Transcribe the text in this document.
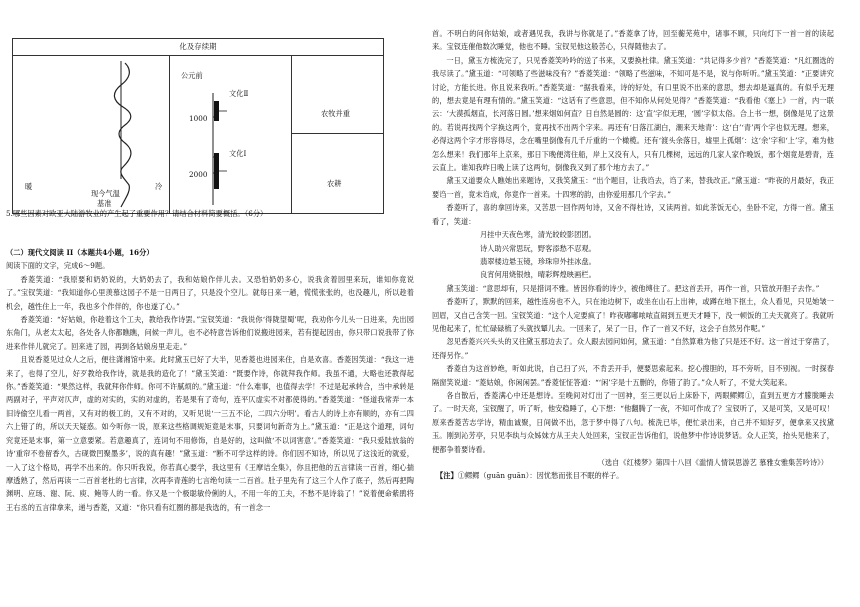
化及存续期
暖	冷
现今气温
基准
公元前
1000
2000
文化Ⅱ
文化Ⅰ
农牧并重
农耕

5.哪些因素对欧亚大陆游牧业的产生起了重要作用？请结合材料简要概括。（6分）

（二）现代文阅读 II（本题共4小题，16分）

阅读下面的文字，完成6～9题。

香菱笑道：“我原要和奶奶说的，大奶奶去了，我和姑娘作伴儿去。又恐怕奶奶多心，说我贪着园里来玩，谁知你竟说了。”宝钗笑道：“我知道你心里羡慕这园子不是一日两日了，只是没个空儿。就每日来一趟，慌慌张张的，也没趣儿，所以趁着机会，越性住上一年，我也多个作伴的，你也遂了心。”

香菱笑道：“好姑娘，你趁着这个工夫，教给我作诗罢。”宝钗笑道：“我说你‘得陇望蜀’呢，我劝你今儿头一日进来，先出园东角门，从老太太起，各处各人你都瞧瞧，问候一声儿，也不必特意告诉他们说搬进园来，若有提起因由，你只带口说我带了你进来作伴儿就完了。回来进了园，再到各姑娘房里走走。”

且说香菱见过众人之后，便往潇湘馆中来。此时黛玉已好了大半，见香菱也进园来住，自是欢喜。香菱因笑道：“我这一进来了，也得了空儿，好歹教给我作诗，就是我的造化了！”黛玉笑道：“既要作诗，你就拜我作师。我虽不通，大略也还教得起你。”香菱笑道：“果然这样，我就拜你作师。你可不许腻烦的。”黛玉道：“什么难事，也值得去学！不过是起承转合，当中承转是两副对子，平声对仄声，虚的对实的，实的对虚的，若是果有了奇句，连平仄虚实不对都使得的。”香菱笑道：“怪道我常弄一本旧诗偷空儿看一两首，又有对的极工的，又有不对的，又听见说‘一三五不论，二四六分明’。看古人的诗上亦有顺的，亦有二四六上错了的，所以天天疑惑。如今听你一说，原来这些格调规矩竟是末事，只要词句新奇为上。”黛玉道：“正是这个道理，词句究竟还是末事，第一立意要紧。若意趣真了，连词句不用修饰，自是好的，这叫做‘不以词害意’。”香菱笑道：“我只爱陆放翁的诗‘重帘不卷留香久，古砚微凹聚墨多’，说的真有趣！”黛玉道：“断不可学这样的诗。你们因不知诗，所以见了这浅近的就爱，一入了这个格局，再学不出来的。你只听我说，你若真心要学，我这里有《王摩诘全集》，你且把他的五言律读一百首，细心揣摩透熟了，然后再读一二百首老杜的七言律，次再李青莲的七言绝句读一二百首。肚子里先有了这三个人作了底子，然后再把陶渊明、应玚、谢、阮、庾、鲍等人的一看。你又是一个极聪敏伶俐的人，不用一年的工夫，不愁不是诗翁了！”说着便命紫鹃将王右丞的五言律拿来，递与香菱，又道：“你只看有红圈的都是我选的，有一首念一

首。不明白的问你姑娘，或者遇见我，我讲与你就是了。”香菱拿了诗，回至蘅芜苑中，诸事不顾，只向灯下一首一首的读起来。宝钗连催他数次睡觉，他也不睡。宝钗见他这般苦心，只得随他去了。

一日，黛玉方梳洗完了，只见香菱笑吟吟的送了书来，又要换杜律。黛玉笑道：“共记得多少首？”香菱笑道：“凡红圈选的我尽读了。”黛玉道：“可领略了些滋味没有？”香菱笑道：“领略了些滋味，不知可是不是，说与你听听。”黛玉笑道：“正要讲究讨论，方能长进。你且说来我听。”香菱笑道：“据我看来，诗的好处，有口里说不出来的意思，想去却是逼真的。有似乎无理的，想去竟是有理有情的。”黛玉笑道：“这话有了些意思，但不知你从何处见得？”香菱笑道：“我看他《塞上》一首，内一联云：‘大漠孤烟直，长河落日圆。’想来烟如何直？日自然是圆的：这‘直’字似无理，‘圆’字似太俗。合上书一想，倒像是见了这景的。若说再找两个字换这两个，竟再找不出两个字来。再还有‘日落江湖白，潮来天地青’：这‘白’‘青’两个字也似无理。想来，必得这两个字才形容得尽，念在嘴里倒像有几千斤重的一个橄榄。还有‘渡头余落日，墟里上孤烟’：这‘余’字和‘上’字，难为他怎么想来！我们那年上京来，那日下晚便湾住船，岸上又没有人，只有几棵树，远远的几家人家作晚饭，那个烟竟是碧青，连云直上。谁知我昨日晚上读了这两句，倒像我又到了那个地方去了。”

黛玉又道要众人瞧她出来题诗，又我笑黛玉：“出个题目，让我诌去，诌了来，替我改正。”黛玉道：“昨夜的月最好，我正要诌一首，竟未诌成，你竟作一首来。十四寒的韵，由你爱用那几个字去。”

香菱听了，喜的拿回诗来，又苦思一回作两句诗，又舍不得杜诗，又读两首。如此茶饭无心，坐卧不定，方得一首。黛玉看了，笑道：

月挂中天夜色寒，清光皎皎影团团。

诗人助兴常思玩，野客添愁不忍观。

翡翠楼边悬玉镜，珍珠帘外挂冰盘。

良宵何用烧银烛，晴彩辉煌映画栏。

黛玉笑道：“意思却有，只是措词不雅。皆因你看的诗少，被他缚住了。把这首丢开，再作一首，只管放开胆子去作。”

香菱听了，默默的回来，越性连房也不入，只在池边树下，或坐在山石上出神，或蹲在地下抠土，众人看见，只见她皱一回眉，又自己含笑一回。宝钗笑道：“这个人定要疯了！昨夜嘟嘟哝哝直闹到五更天才睡下，没一顿饭的工夫天就亮了。我就听见他起来了，忙忙碌碌梳了头就找颦儿去。一回来了，呆了一日，作了一首又不好，这会子自然另作呢。”

忽见香菱兴兴头头的又往黛玉那边去了。众人跟去园问如何，黛玉道：“自然算难为他了只是还不好。这一首过于穿凿了，还得另作。”

香菱自为这首妙绝，听如此说，自己扫了兴，不肯丢开手，便要思索起来。挖心搜胆的，耳不旁听，目不别视。一时探春隔窗笑说道：“菱姑娘，你闲闲罢。”香菱怔怔答道：“‘闲’字是十五删的，你错了韵了。”众人听了，不觉大笑起来。

各自散后，香菱满心中还是想诗。至晚间对灯出了一回神，至三更以后上床卧下，两眼鳏鳏①，直到五更方才朦胧睡去了。一时天亮，宝钗醒了，听了听，他安稳睡了，心下想：“他翻腾了一夜，不知可作成了？宝钗听了，又是可笑，又是可叹！原来香菱苦志学诗，精血诚聚，日间做不出，忽于梦中得了八句。梳洗已毕，便忙录出来，自己并不知好歹，便拿来又找黛玉。刚到沁芳亭，只见李纨与众姊妹方从王夫人处回来，宝钗正告诉他们，说他梦中作诗说梦话。众人正笑，抬头见他来了，便都争着要诗看。

（选自《红楼梦》第四十八回《滥情人情误思游艺 慕雅女雅集苦吟诗》）

【注】①鳏鳏（guān guān）：因忧愁而张目不眠的样子。
